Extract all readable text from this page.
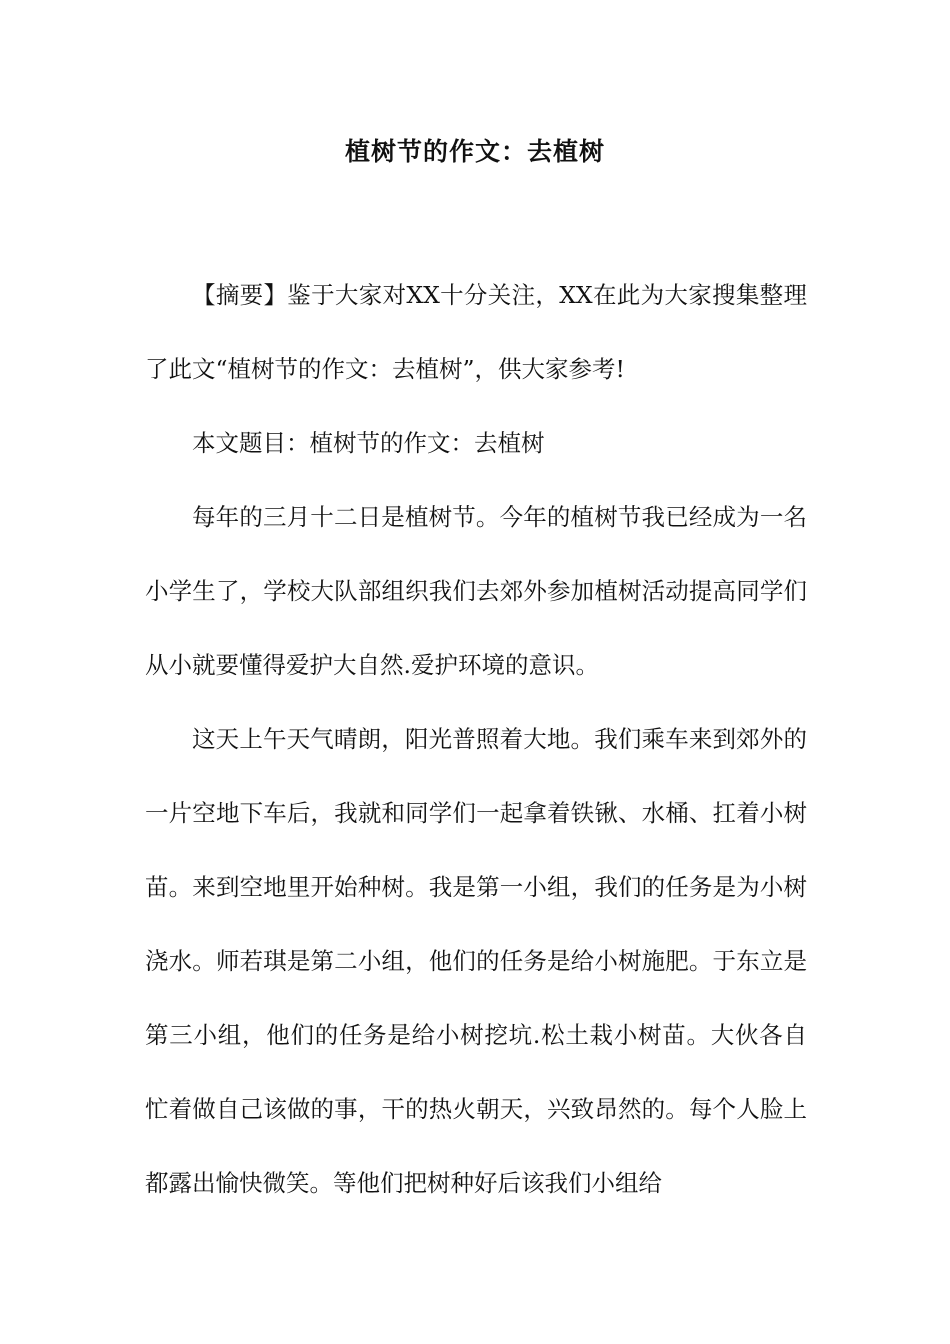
植树节的作文：去植树

【摘要】鉴于大家对XX十分关注，XX在此为大家搜集整理了此文“植树节的作文：去植树”，供大家参考!

本文题目：植树节的作文：去植树

每年的三月十二日是植树节。今年的植树节我已经成为一名小学生了，学校大队部组织我们去郊外参加植树活动提高同学们从小就要懂得爱护大自然.爱护环境的意识。

这天上午天气晴朗，阳光普照着大地。我们乘车来到郊外的一片空地下车后，我就和同学们一起拿着铁锹、水桶、扛着小树苗。来到空地里开始种树。我是第一小组，我们的任务是为小树浇水。师若琪是第二小组，他们的任务是给小树施肥。于东立是第三小组，他们的任务是给小树挖坑.松土栽小树苗。大伙各自忙着做自己该做的事，干的热火朝天，兴致昂然的。每个人脸上都露出愉快微笑。等他们把树种好后该我们小组给
